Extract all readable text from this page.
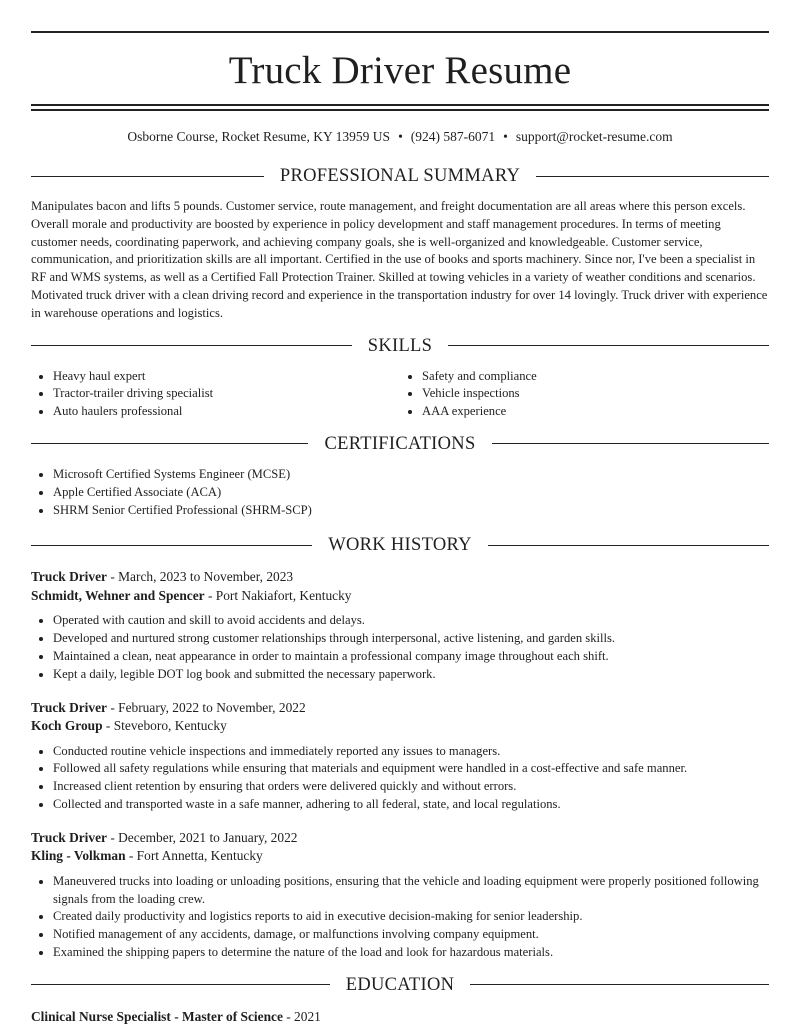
Truck Driver Resume
Osborne Course, Rocket Resume, KY 13959 US • (924) 587-6071 • support@rocket-resume.com
PROFESSIONAL SUMMARY

Manipulates bacon and lifts 5 pounds. Customer service, route management, and freight documentation are all areas where this person excels. Overall morale and productivity are boosted by experience in policy development and staff management procedures. In terms of meeting customer needs, coordinating paperwork, and achieving company goals, she is well-organized and knowledgeable. Customer service, communication, and prioritization skills are all important. Certified in the use of books and sports machinery. Since nor, I've been a specialist in RF and WMS systems, as well as a Certified Fall Protection Trainer. Skilled at towing vehicles in a variety of weather conditions and scenarios. Motivated truck driver with a clean driving record and experience in the transportation industry for over 14 lovingly. Truck driver with experience in warehouse operations and logistics.

SKILLS
• Heavy haul expert
• Tractor-trailer driving specialist
• Auto haulers professional
• Safety and compliance
• Vehicle inspections
• AAA experience
CERTIFICATIONS
• Microsoft Certified Systems Engineer (MCSE)
• Apple Certified Associate (ACA)
• SHRM Senior Certified Professional (SHRM-SCP)
WORK HISTORY
Truck Driver - March, 2023 to November, 2023
Schmidt, Wehner and Spencer - Port Nakiafort, Kentucky
• Operated with caution and skill to avoid accidents and delays.
• Developed and nurtured strong customer relationships through interpersonal, active listening, and garden skills.
• Maintained a clean, neat appearance in order to maintain a professional company image throughout each shift.
• Kept a daily, legible DOT log book and submitted the necessary paperwork.
Truck Driver - February, 2022 to November, 2022
Koch Group - Steveboro, Kentucky
• Conducted routine vehicle inspections and immediately reported any issues to managers.
• Followed all safety regulations while ensuring that materials and equipment were handled in a cost-effective and safe manner.
• Increased client retention by ensuring that orders were delivered quickly and without errors.
• Collected and transported waste in a safe manner, adhering to all federal, state, and local regulations.
Truck Driver - December, 2021 to January, 2022
Kling - Volkman - Fort Annetta, Kentucky
• Maneuvered trucks into loading or unloading positions, ensuring that the vehicle and loading equipment were properly positioned following signals from the loading crew.
• Created daily productivity and logistics reports to aid in executive decision-making for senior leadership.
• Notified management of any accidents, damage, or malfunctions involving company equipment.
• Examined the shipping papers to determine the nature of the load and look for hazardous materials.
EDUCATION
Clinical Nurse Specialist - Master of Science - 2021
